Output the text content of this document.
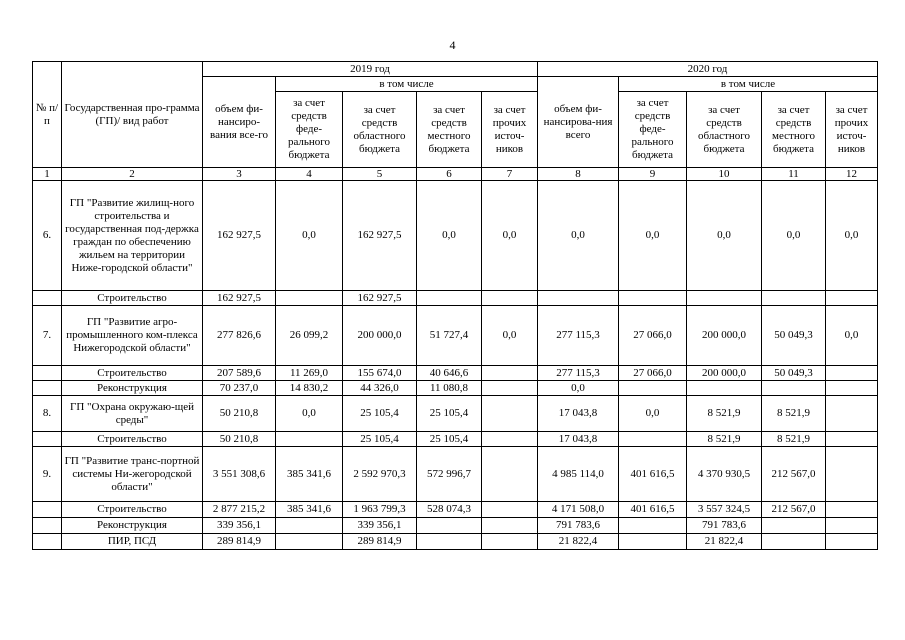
4
№ п/п	Государственная про-грамма (ГП)/ вид работ	2019 год					2020 год				
		объем фи-нансиро-вания все-го	в том числе				объем фи-нансирова-ния всего	в том числе			
			за счет средств феде-рального бюджета	за счет средств областного бюджета	за счет средств местного бюджета	за счет прочих источ-ников		за счет средств феде-рального бюджета	за счет средств областного бюджета	за счет средств местного бюджета	за счет прочих источ-ников
1	2	3	4	5	6	7	8	9	10	11	12
6.	ГП "Развитие жилищ-ного строительства и государственная под-держка граждан по обеспечению жильем на территории Ниже-городской области"	162 927,5	0,0	162 927,5	0,0	0,0	0,0	0,0	0,0	0,0	0,0
	Строительство	162 927,5		162 927,5							
7.	ГП "Развитие агро-промышленного ком-плекса Нижегородской области"	277 826,6	26 099,2	200 000,0	51 727,4	0,0	277 115,3	27 066,0	200 000,0	50 049,3	0,0
	Строительство	207 589,6	11 269,0	155 674,0	40 646,6		277 115,3	27 066,0	200 000,0	50 049,3	
	Реконструкция	70 237,0	14 830,2	44 326,0	11 080,8		0,0				
8.	ГП "Охрана окружаю-щей среды"	50 210,8	0,0	25 105,4	25 105,4		17 043,8	0,0	8 521,9	8 521,9	
	Строительство	50 210,8		25 105,4	25 105,4		17 043,8		8 521,9	8 521,9	
9.	ГП "Развитие транс-портной системы Ни-жегородской области"	3 551 308,6	385 341,6	2 592 970,3	572 996,7		4 985 114,0	401 616,5	4 370 930,5	212 567,0	
	Строительство	2 877 215,2	385 341,6	1 963 799,3	528 074,3		4 171 508,0	401 616,5	3 557 324,5	212 567,0	
	Реконструкция	339 356,1		339 356,1			791 783,6		791 783,6		
	ПИР, ПСД	289 814,9		289 814,9			21 822,4		21 822,4		
